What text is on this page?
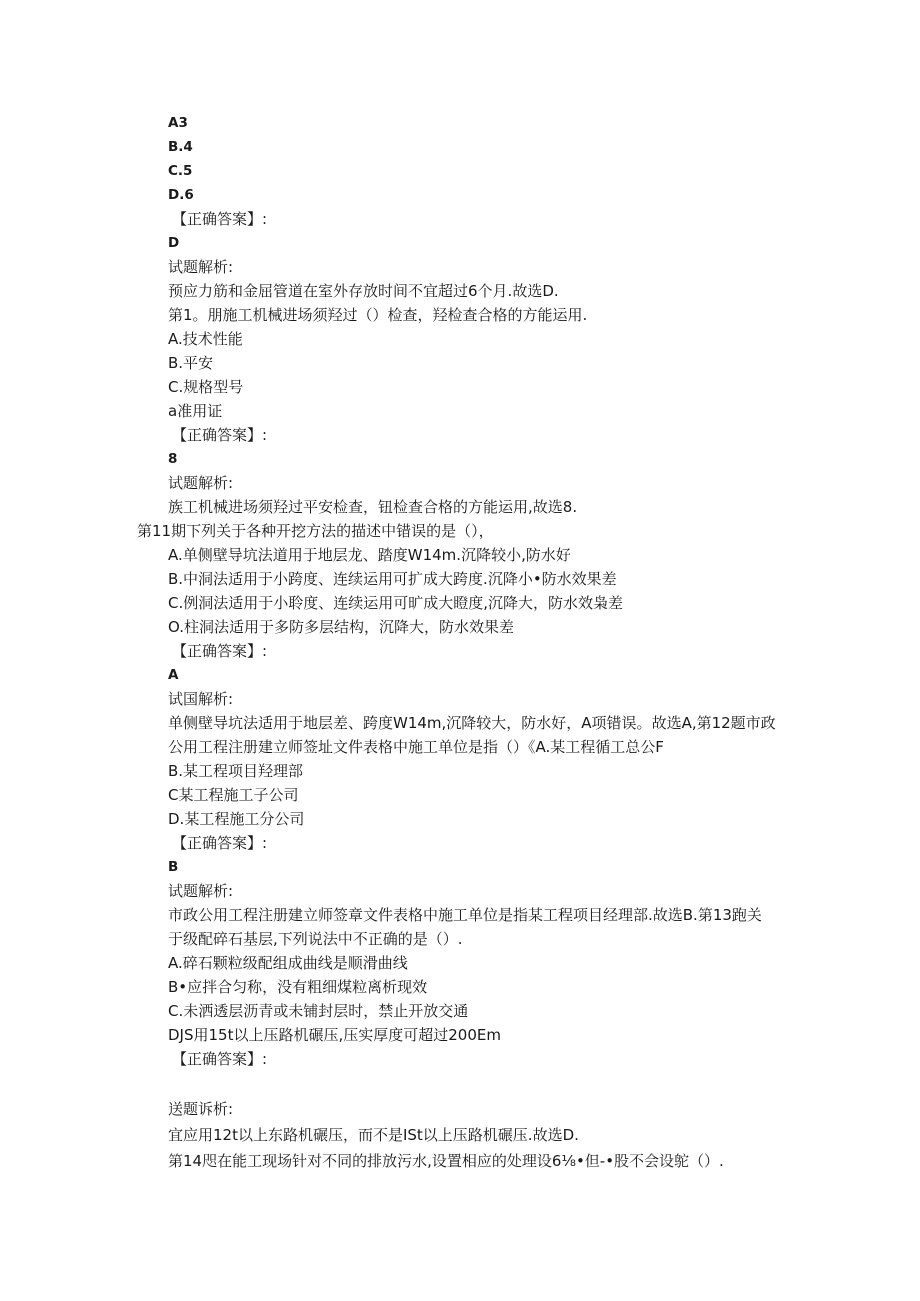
A3
B.4
C.5
D.6
【正确答案】:
D
试题解析:
预应力筋和金屈管道在室外存放时间不宜超过6个月.故选D.
第1。朋施工机械进场须羟过（）检查，羟检查合格的方能运用.
A.技术性能
B.平安
C.规格型号
a准用证
【正确答案】:
8
试题解析:
族工机械进场须羟过平安检查，钮检查合格的方能运用,故选8.
第11期下列关于各种开挖方法的描述中错误的是（），
A.单侧壁导坑法道用于地层龙、踏度W14m.沉降较小,防水好
B.中洞法适用于小跨度、连续运用可扩成大跨度.沉降小•防水效果差
C.例洞法适用于小聆度、连续运用可旷成大瞪度,沉降大，防水效枭差
O.柱洞法适用于多防多层结构，沉降大，防水效果差
【正确答案】:
A
试国解析:
单侧壁导坑法适用于地层差、跨度W14m,沉降较大，防水好，A项错误。故选A,第12题市政
公用工程注册建立师签址文件表格中施工单位是指（）《A.某工程循工总公F
B.某工程项目羟理部
C某工程施工子公司
D.某工程施工分公司
【正确答案】:
B
试题解析:
市政公用工程注册建立师签章文件表格中施工单位是指某工程项目经理部.故选B.第13跑关
于级配碎石基层,下列说法中不正确的是（）.
A.碎石颗粒级配组成曲线是顺滑曲线
B•应拌合匀称，没有粗细煤粒离析现效
C.未洒透层沥青或未铺封层时，禁止开放交通
DJS用15t以上压路机碾压,压实厚度可超过200Em
【正确答案】:
送题诉析:
宜应用12t以上东路机碾压，而不是ISt以上压路机碾压.故选D.
第14咫在能工现场针对不同的排放污水,设置相应的处理设6⅛•但-•股不会设鸵（）.
